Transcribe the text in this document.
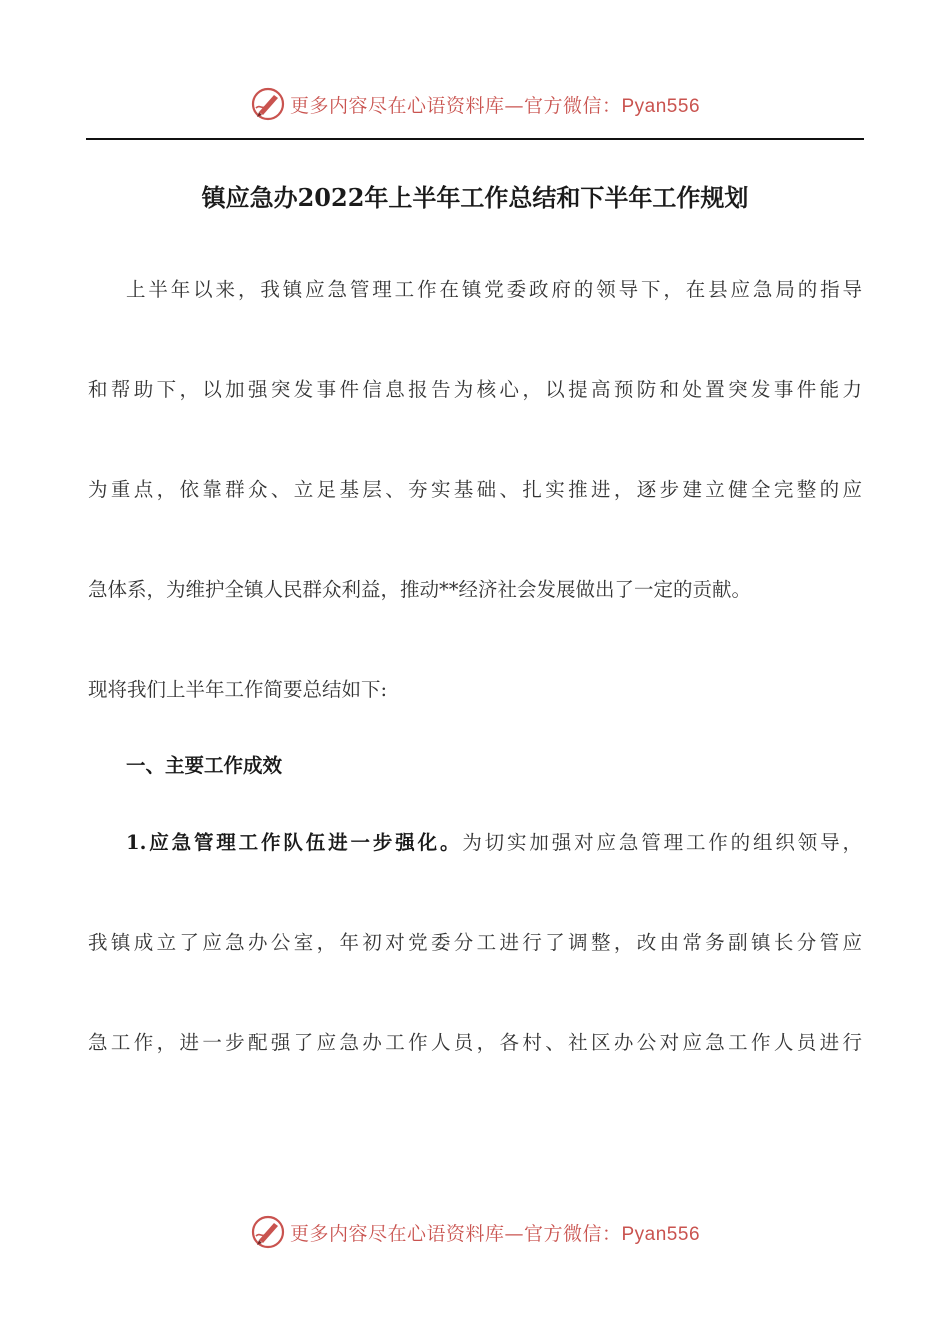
更多内容尽在心语资料库—官方微信：Pyan556
镇应急办2022年上半年工作总结和下半年工作规划
上半年以来，我镇应急管理工作在镇党委政府的领导下，在县应急局的指导
和帮助下，以加强突发事件信息报告为核心，以提高预防和处置突发事件能力
为重点，依靠群众、立足基层、夯实基础、扎实推进，逐步建立健全完整的应
急体系，为维护全镇人民群众利益，推动**经济社会发展做出了一定的贡献。
现将我们上半年工作简要总结如下:
一、主要工作成效
1.应急管理工作队伍进一步强化。为切实加强对应急管理工作的组织领导，
我镇成立了应急办公室，年初对党委分工进行了调整，改由常务副镇长分管应
急工作，进一步配强了应急办工作人员，各村、社区办公对应急工作人员进行
更多内容尽在心语资料库—官方微信：Pyan556
